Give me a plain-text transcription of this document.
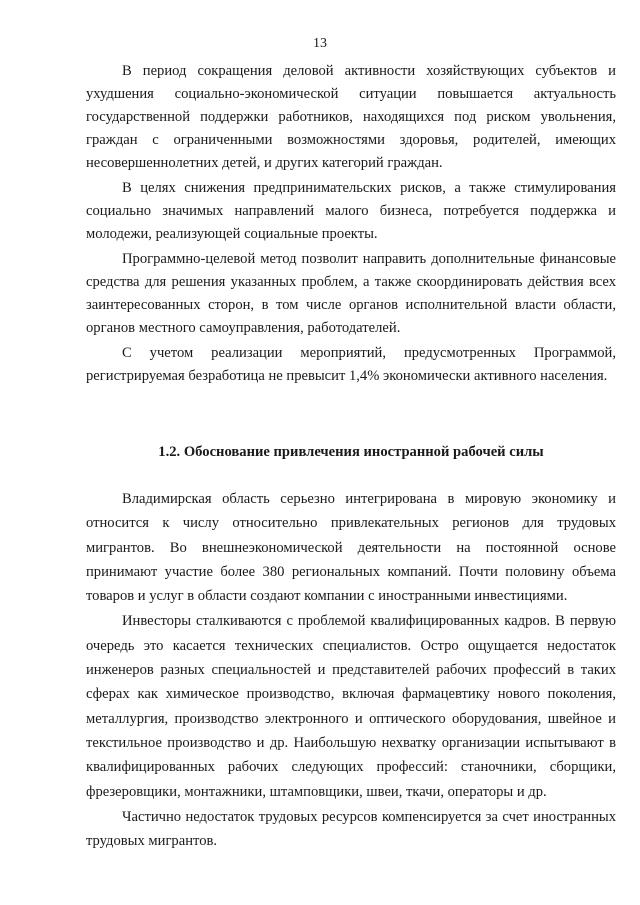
13

В период сокращения деловой активности хозяйствующих субъектов и ухудшения социально-экономической ситуации повышается актуальность государственной поддержки работников, находящихся под риском увольнения, граждан с ограниченными возможностями здоровья, родителей, имеющих несовершеннолетних детей, и других категорий граждан.

В целях снижения предпринимательских рисков, а также стимулирования социально значимых направлений малого бизнеса, потребуется поддержка и молодежи, реализующей социальные проекты.

Программно-целевой метод позволит направить дополнительные финансовые средства для решения указанных проблем, а также скоординировать действия всех заинтересованных сторон, в том числе органов исполнительной власти области, органов местного самоуправления, работодателей.

С учетом реализации мероприятий, предусмотренных Программой, регистрируемая безработица не превысит 1,4% экономически активного населения.

1.2. Обоснование привлечения иностранной рабочей силы

Владимирская область серьезно интегрирована в мировую экономику и относится к числу относительно привлекательных регионов для трудовых мигрантов. Во внешнеэкономической деятельности на постоянной основе принимают участие более 380 региональных компаний. Почти половину объема товаров и услуг в области создают компании с иностранными инвестициями.

Инвесторы сталкиваются с проблемой квалифицированных кадров. В первую очередь это касается технических специалистов. Остро ощущается недостаток инженеров разных специальностей и представителей рабочих профессий в таких сферах как химическое производство, включая фармацевтику нового поколения, металлургия, производство электронного и оптического оборудования, швейное и текстильное производство и др. Наибольшую нехватку организации испытывают в квалифицированных рабочих следующих профессий: станочники, сборщики, фрезеровщики, монтажники, штамповщики, швеи, ткачи, операторы и др.

Частично недостаток трудовых ресурсов компенсируется за счет иностранных трудовых мигрантов.
